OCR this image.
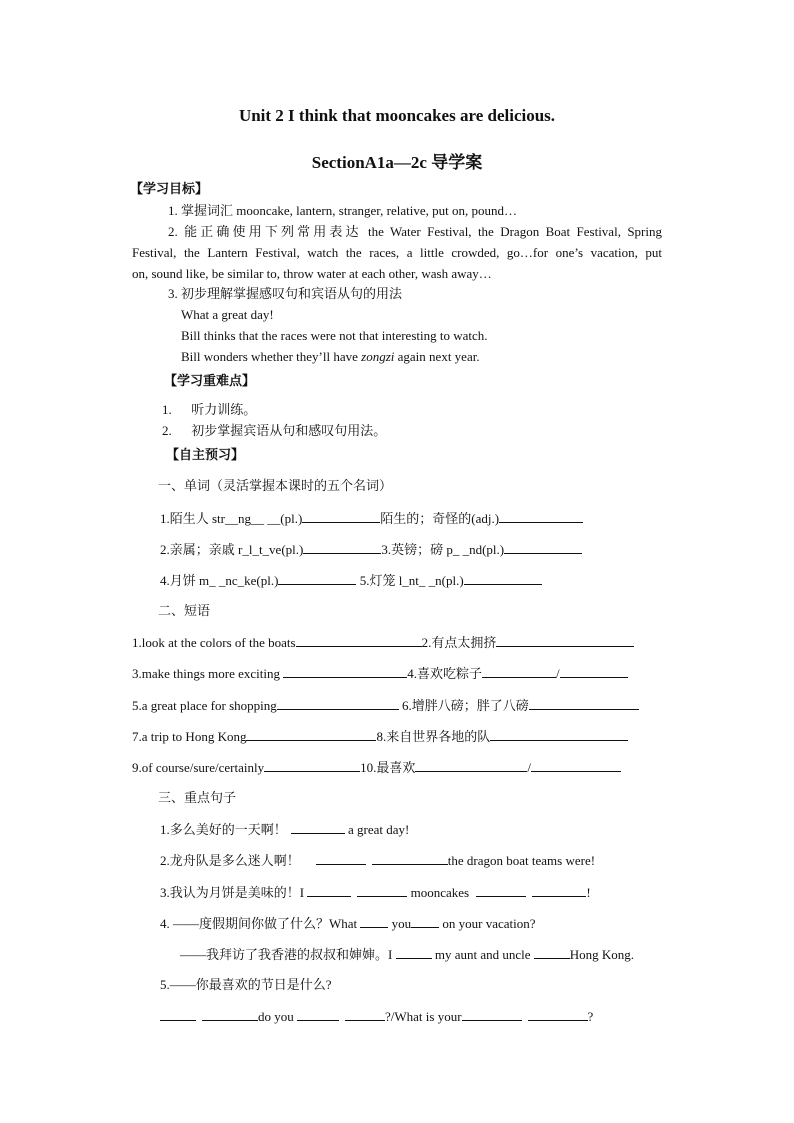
Unit 2 I think that mooncakes are delicious.
SectionA1a—2c 导学案
【学习目标】
1. 掌握词汇 mooncake, lantern, stranger, relative, put on, pound…
2. 能正确使用下列常用表达 the Water Festival, the Dragon Boat Festival, Spring
Festival, the Lantern Festival, watch the races, a little crowded, go…for one’s vacation, put
on, sound like, be similar to, throw water at each other, wash away…
3. 初步理解掌握感叹句和宾语从句的用法
What a great day!
Bill thinks that the races were not that interesting to watch.
Bill wonders whether they’ll have zongzi again next year.
【学习重难点】
1.      听力训练。
2.      初步掌握宾语从句和感叹句用法。
【自主预习】
一、单词（灵活掌握本课时的五个名词）
1.陌生人 str__ng__ __(pl.)	陌生的；奇怪的(adj.)
2.亲属；亲戚 r_l_t_ve(pl.)	3.英镑；磅 p_ _nd(pl.)
4.月饼 m_ _nc_ke(pl.)	5.灯笼 l_nt_ _n(pl.)
二、短语
1.look at the colors of the boats	2.有点太拥挤
3.make things more exciting	4.喜欢吃粽子	/
5.a great place for shopping	6.增胖八磅；胖了八磅
7.a trip to Hong Kong	8.来自世界各地的队
9.of course/sure/certainly	10.最喜欢	/
三、重点句子
1.多么美好的一天啊！	a great day!
2.龙舟队是多么迷人啊！	the dragon boat teams were!
3.我认为月饼是美味的！I	mooncakes	!
4. ——度假期间你做了什么？What  you on your vacation?
——我拜访了我香港的叔叔和婶婶。I	my aunt and uncle	Hong Kong.
5.——你最喜欢的节日是什么?
do you	?/What is your	?
